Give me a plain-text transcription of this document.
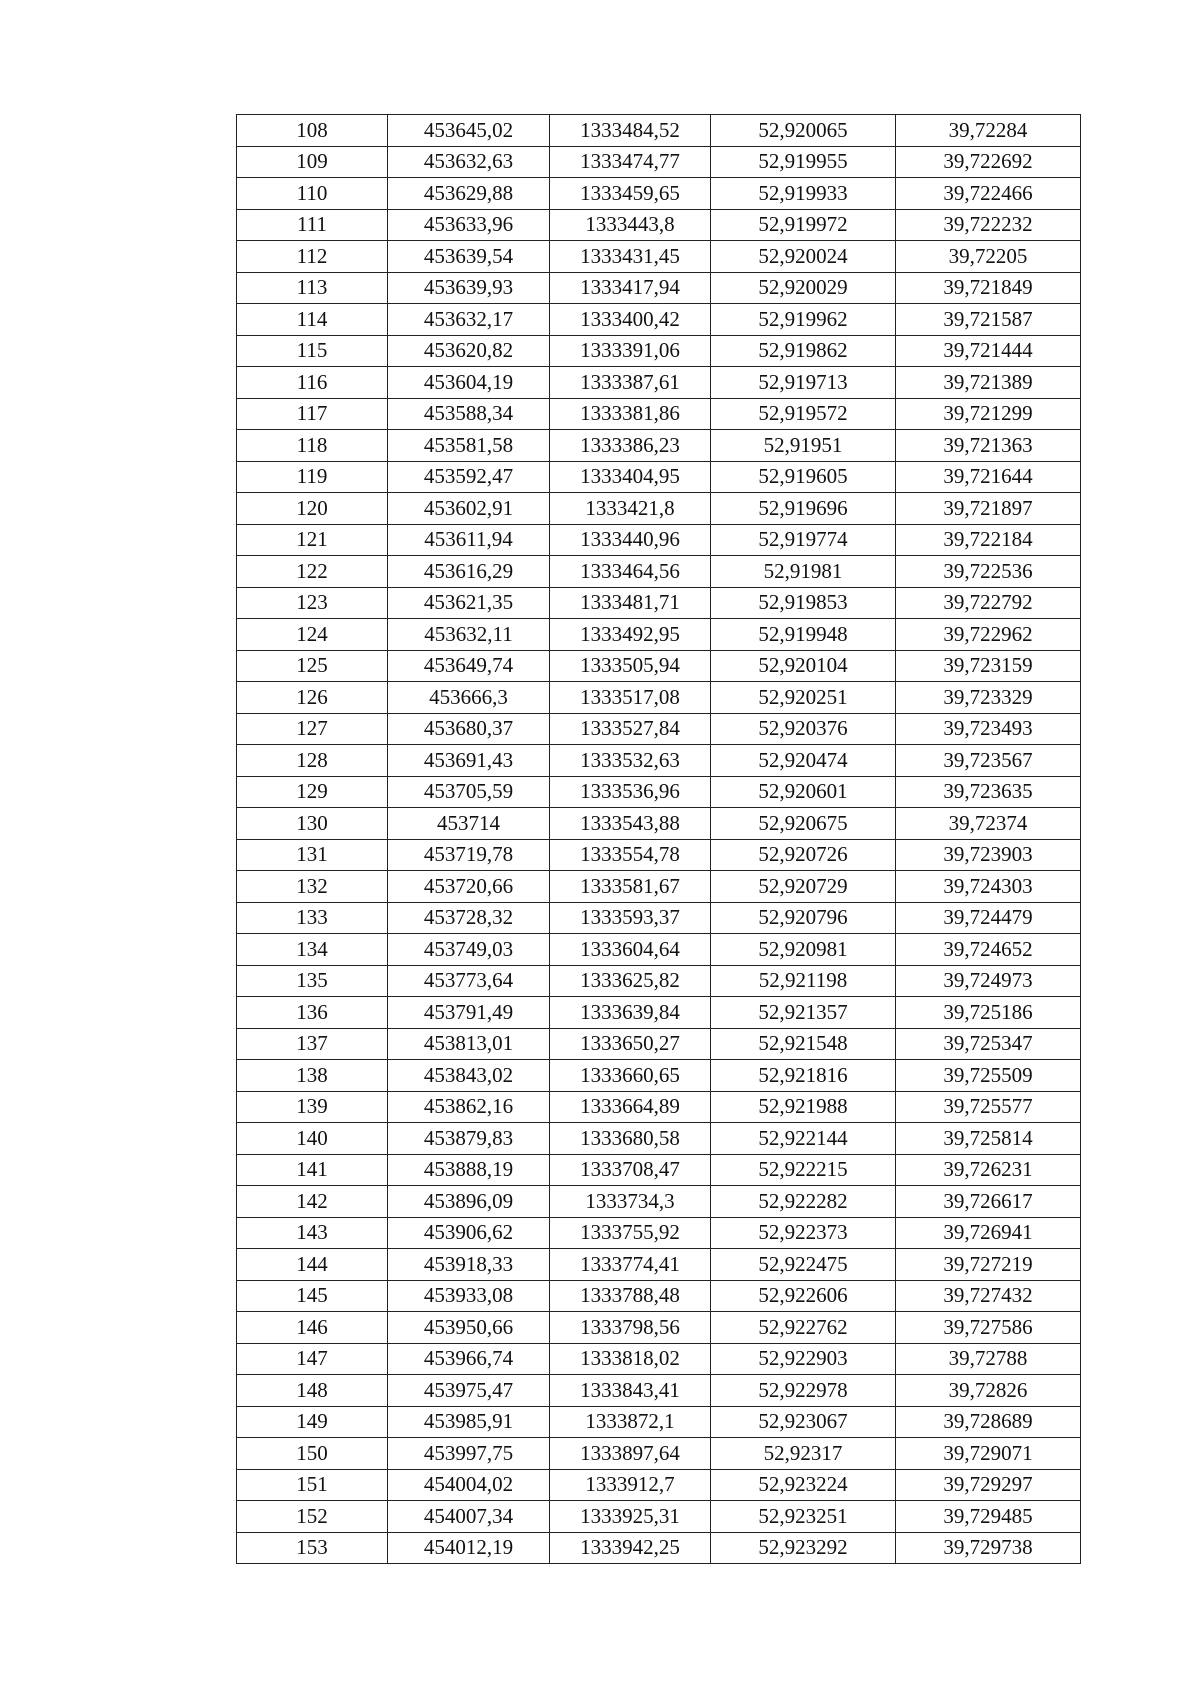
108	453645,02	1333484,52	52,920065	39,72284
109	453632,63	1333474,77	52,919955	39,722692
110	453629,88	1333459,65	52,919933	39,722466
111	453633,96	1333443,8	52,919972	39,722232
112	453639,54	1333431,45	52,920024	39,72205
113	453639,93	1333417,94	52,920029	39,721849
114	453632,17	1333400,42	52,919962	39,721587
115	453620,82	1333391,06	52,919862	39,721444
116	453604,19	1333387,61	52,919713	39,721389
117	453588,34	1333381,86	52,919572	39,721299
118	453581,58	1333386,23	52,91951	39,721363
119	453592,47	1333404,95	52,919605	39,721644
120	453602,91	1333421,8	52,919696	39,721897
121	453611,94	1333440,96	52,919774	39,722184
122	453616,29	1333464,56	52,91981	39,722536
123	453621,35	1333481,71	52,919853	39,722792
124	453632,11	1333492,95	52,919948	39,722962
125	453649,74	1333505,94	52,920104	39,723159
126	453666,3	1333517,08	52,920251	39,723329
127	453680,37	1333527,84	52,920376	39,723493
128	453691,43	1333532,63	52,920474	39,723567
129	453705,59	1333536,96	52,920601	39,723635
130	453714	1333543,88	52,920675	39,72374
131	453719,78	1333554,78	52,920726	39,723903
132	453720,66	1333581,67	52,920729	39,724303
133	453728,32	1333593,37	52,920796	39,724479
134	453749,03	1333604,64	52,920981	39,724652
135	453773,64	1333625,82	52,921198	39,724973
136	453791,49	1333639,84	52,921357	39,725186
137	453813,01	1333650,27	52,921548	39,725347
138	453843,02	1333660,65	52,921816	39,725509
139	453862,16	1333664,89	52,921988	39,725577
140	453879,83	1333680,58	52,922144	39,725814
141	453888,19	1333708,47	52,922215	39,726231
142	453896,09	1333734,3	52,922282	39,726617
143	453906,62	1333755,92	52,922373	39,726941
144	453918,33	1333774,41	52,922475	39,727219
145	453933,08	1333788,48	52,922606	39,727432
146	453950,66	1333798,56	52,922762	39,727586
147	453966,74	1333818,02	52,922903	39,72788
148	453975,47	1333843,41	52,922978	39,72826
149	453985,91	1333872,1	52,923067	39,728689
150	453997,75	1333897,64	52,92317	39,729071
151	454004,02	1333912,7	52,923224	39,729297
152	454007,34	1333925,31	52,923251	39,729485
153	454012,19	1333942,25	52,923292	39,729738
